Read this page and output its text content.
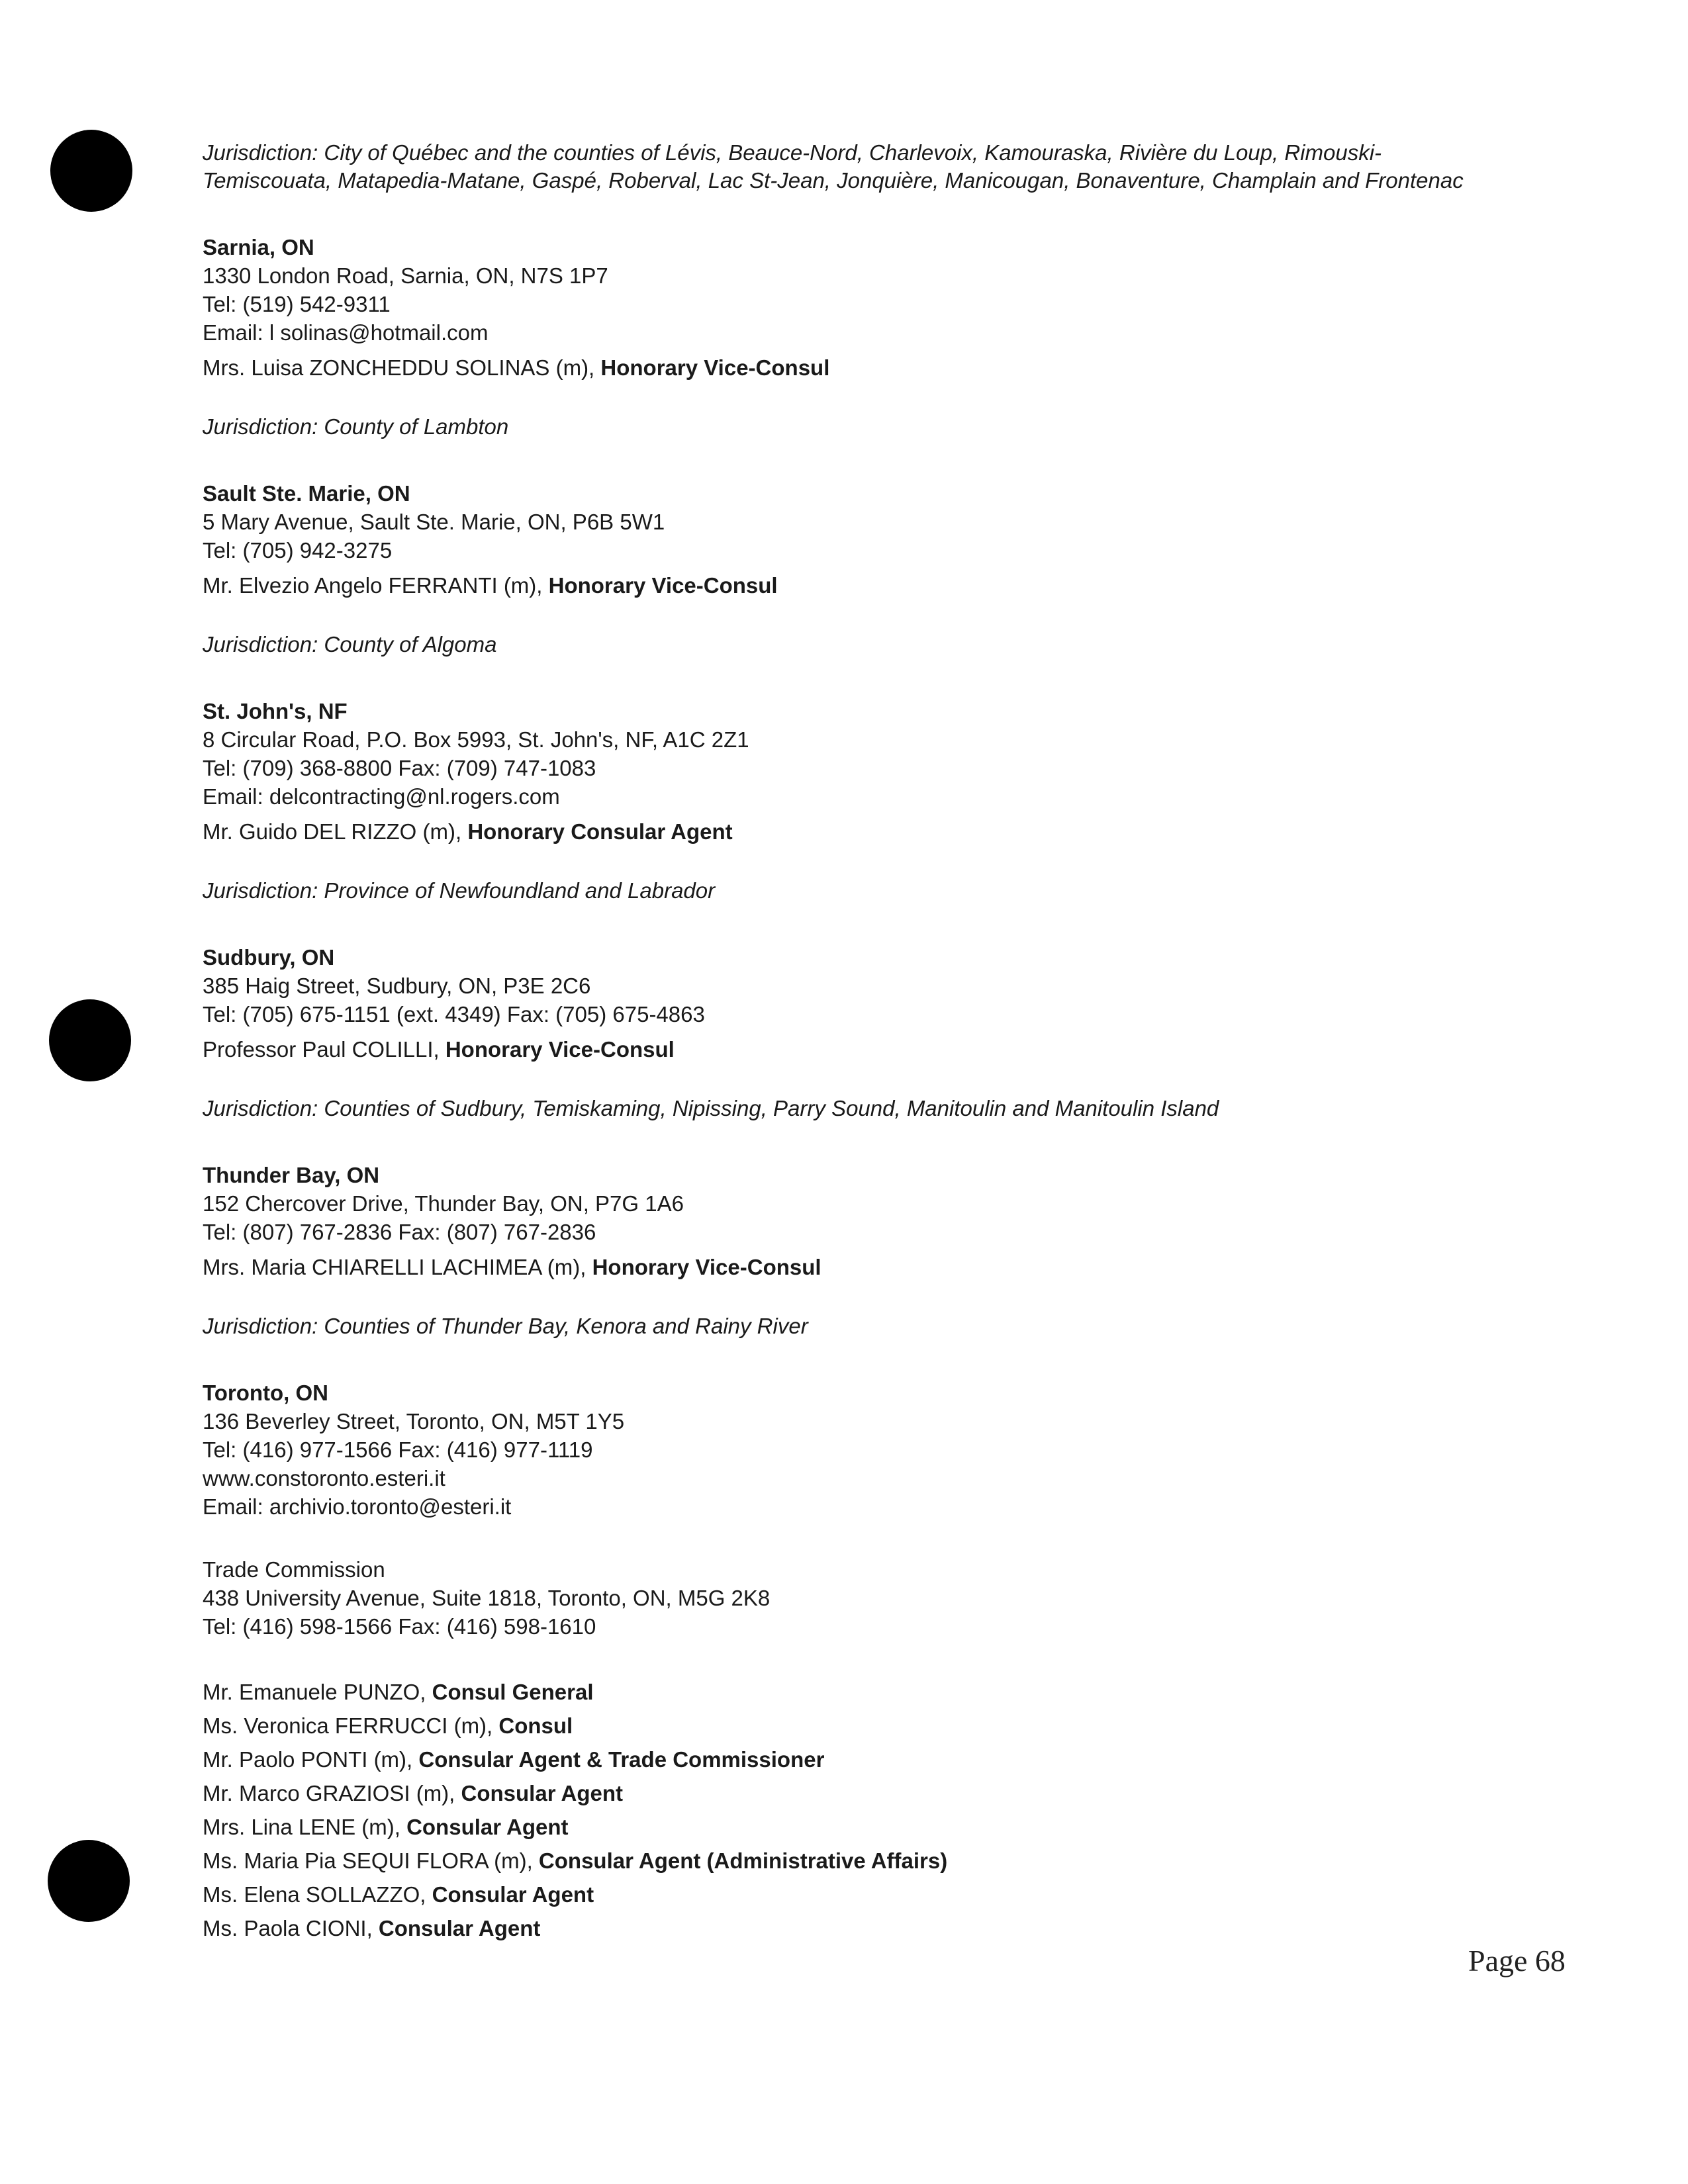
Jurisdiction: City of Québec and the counties of Lévis, Beauce-Nord, Charlevoix, Kamouraska, Rivière du Loup, Rimouski-Temiscouata, Matapedia-Matane, Gaspé, Roberval, Lac St-Jean, Jonquière, Manicougan, Bonaventure, Champlain and Frontenac
Sarnia, ON
1330 London Road, Sarnia, ON, N7S 1P7
Tel: (519) 542-9311
Email: l solinas@hotmail.com
Mrs. Luisa ZONCHEDDU SOLINAS (m), Honorary Vice-Consul
Jurisdiction: County of Lambton
Sault Ste. Marie, ON
5 Mary Avenue, Sault Ste. Marie, ON, P6B 5W1
Tel: (705) 942-3275
Mr. Elvezio Angelo FERRANTI (m), Honorary Vice-Consul
Jurisdiction: County of Algoma
St. John's, NF
8 Circular Road, P.O. Box 5993, St. John's, NF, A1C 2Z1
Tel: (709) 368-8800 Fax: (709) 747-1083
Email: delcontracting@nl.rogers.com
Mr. Guido DEL RIZZO (m), Honorary Consular Agent
Jurisdiction: Province of Newfoundland and Labrador
Sudbury, ON
385 Haig Street, Sudbury, ON, P3E 2C6
Tel: (705) 675-1151 (ext. 4349) Fax: (705) 675-4863
Professor Paul COLILLI, Honorary Vice-Consul
Jurisdiction: Counties of Sudbury, Temiskaming, Nipissing, Parry Sound, Manitoulin and Manitoulin Island
Thunder Bay, ON
152 Chercover Drive, Thunder Bay, ON, P7G 1A6
Tel: (807) 767-2836 Fax: (807) 767-2836
Mrs. Maria CHIARELLI LACHIMEA (m), Honorary Vice-Consul
Jurisdiction: Counties of Thunder Bay, Kenora and Rainy River
Toronto, ON
136 Beverley Street, Toronto, ON, M5T 1Y5
Tel: (416) 977-1566 Fax: (416) 977-1119
www.constoronto.esteri.it
Email: archivio.toronto@esteri.it
Trade Commission
438 University Avenue, Suite 1818, Toronto, ON, M5G 2K8
Tel: (416) 598-1566 Fax: (416) 598-1610
Mr. Emanuele PUNZO, Consul General
Ms. Veronica FERRUCCI (m), Consul
Mr. Paolo PONTI (m), Consular Agent & Trade Commissioner
Mr. Marco GRAZIOSI (m), Consular Agent
Mrs. Lina LENE (m), Consular Agent
Ms. Maria Pia SEQUI FLORA (m), Consular Agent (Administrative Affairs)
Ms. Elena SOLLAZZO, Consular Agent
Ms. Paola CIONI, Consular Agent
Page 68
